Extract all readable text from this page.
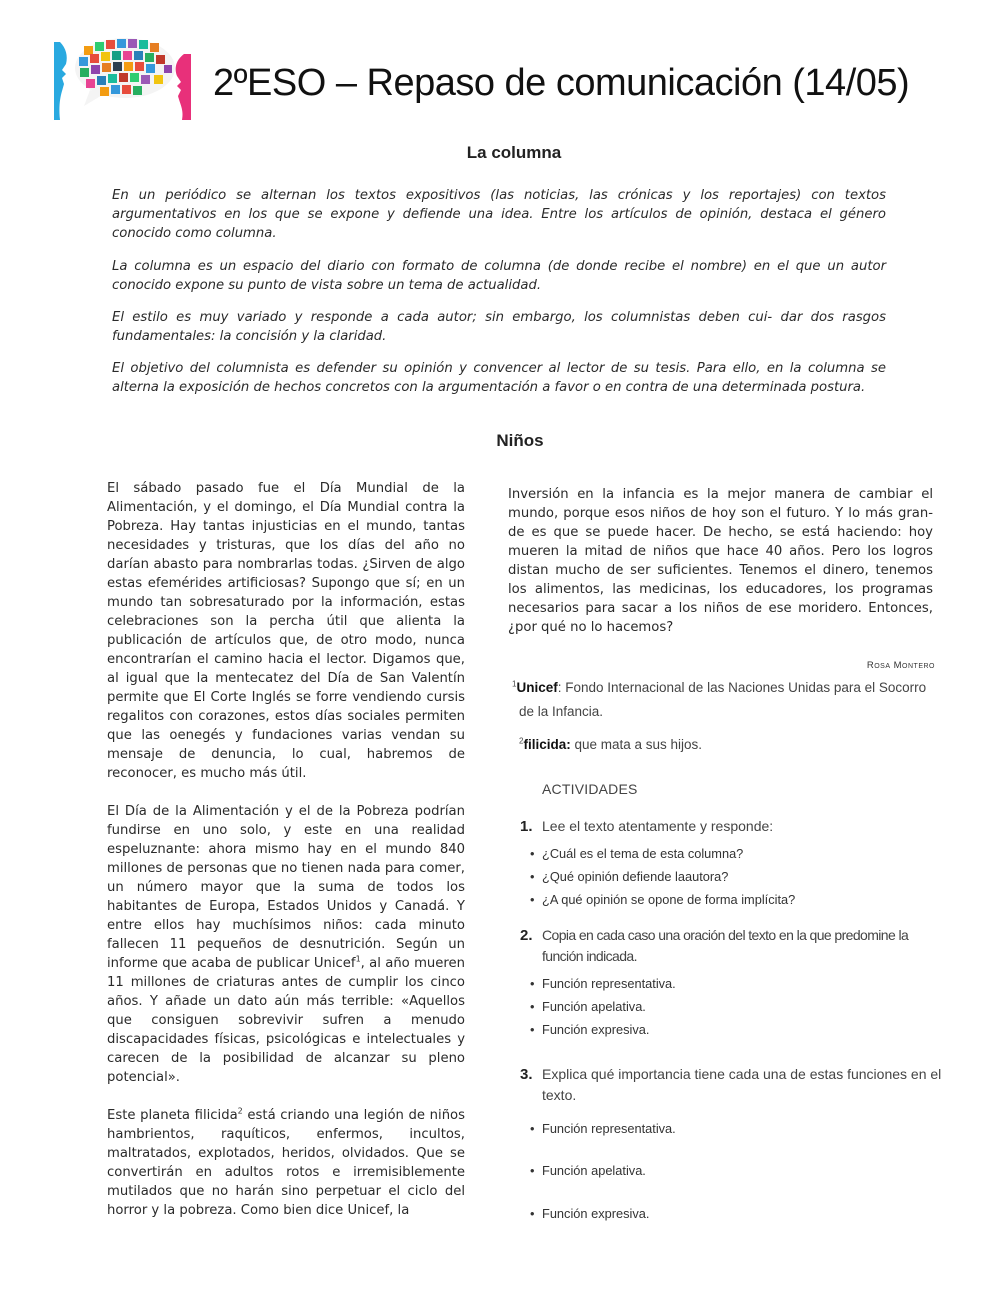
2ºESO – Repaso de comunicación (14/05)
La columna
En un periódico se alternan los textos expositivos (las noticias, las crónicas y los reportajes) con textos argumentativos en los que se expone y defiende una idea. Entre los artículos de opinión, destaca el género conocido como columna.
La columna es un espacio del diario con formato de columna (de donde recibe el nombre) en el que un autor conocido expone su punto de vista sobre un tema de actualidad.
El estilo es muy variado y responde a cada autor; sin embargo, los columnistas deben cui- dar dos rasgos fundamentales: la concisión y la claridad.
El objetivo del columnista es defender su opinión y convencer al lector de su tesis. Para ello, en la columna se alterna la exposición de hechos concretos con la argumentación a favor o en contra de una determinada postura.
Niños
El sábado pasado fue el Día Mundial de la Alimentación, y el domingo, el Día Mundial contra la Pobreza. Hay tantas injusticias en el mundo, tantas necesidades y tristuras, que los días del año no darían abasto para nombrarlas todas. ¿Sirven de algo estas efemérides artificiosas? Supongo que sí; en un mundo tan sobresaturado por la información, estas celebraciones son la percha útil que alienta la publicación de artículos que, de otro modo, nunca encontrarían el camino hacia el lector. Digamos que, al igual que la mentecatez del Día de San Valentín permite que El Corte Inglés se forre vendiendo cursis regalitos con corazones, estos días sociales permiten que las oenegés y fundaciones varias vendan su mensaje de denuncia, lo cual, habremos de reconocer, es mucho más útil.
El Día de la Alimentación y el de la Pobreza podrían fundirse en uno solo, y este en una realidad espeluznante: ahora mismo hay en el mundo 840 millones de personas que no tienen nada para comer, un número mayor que la suma de todos los habitantes de Europa, Estados Unidos y Canadá. Y entre ellos hay muchísimos niños: cada minuto fallecen 11 pequeños de desnutrición. Según un informe que acaba de publicar Unicef$^1$, al año mueren 11 millones de criaturas antes de cumplir los cinco años. Y añade un dato aún más terrible: «Aquellos que consiguen sobrevivir sufren a menudo discapacidades físicas, psicológicas e intelectuales y carecen de la posibilidad de alcanzar su pleno potencial».
Este planeta filicida$^2$ está criando una legión de niños hambrientos, raquíticos, enfermos, incultos, maltratados, explotados, heridos, olvidados. Que se convertirán en adultos rotos e irremisiblemente mutilados que no harán sino perpetuar el ciclo del horror y la pobreza. Como bien dice Unicef, la
Inversión en la infancia es la mejor manera de cambiar el mundo, porque esos niños de hoy son el futuro. Y lo más gran- de es que se puede hacer. De hecho, se está haciendo: hoy mueren la mitad de niños que hace 40 años. Pero los logros distan mucho de ser suficientes. Tenemos el dinero, tenemos los alimentos, las medicinas, los educadores, los programas necesarios para sacar a los niños de ese moridero. Entonces, ¿por qué no lo hacemos?
Rosa Montero
$^1$Unicef: Fondo Internacional de las Naciones Unidas para el Socorro
de la Infancia.
$^2$filicida: que mata a sus hijos.
ACTIVIDADES
1. Lee el texto atentamente y responde:
• ¿Cuál es el tema de esta columna?
• ¿Qué opinión defiende laautora?
• ¿A qué opinión se opone de forma implícita?
2. Copia en cada caso una oración del texto en la que predomine la función indicada.
• Función representativa.
• Función apelativa.
• Función expresiva.
3. Explica qué importancia tiene cada una de estas funciones en el texto.
• Función representativa.
• Función apelativa.
• Función expresiva.
